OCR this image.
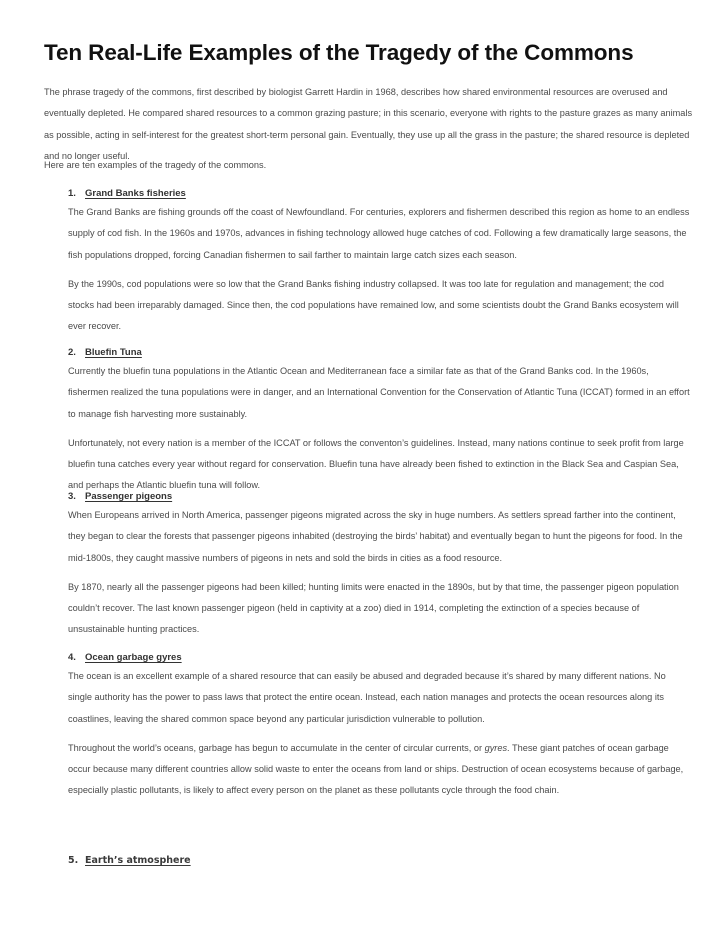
Ten Real-Life Examples of the Tragedy of the Commons

The phrase tragedy of the commons, first described by biologist Garrett Hardin in 1968, describes how shared environmental resources are overused and eventually depleted. He compared shared resources to a common grazing pasture; in this scenario, everyone with rights to the pasture grazes as many animals as possible, acting in self-interest for the greatest short-term personal gain. Eventually, they use up all the grass in the pasture; the shared resource is depleted and no longer useful.

Here are ten examples of the tragedy of the commons.

1. Grand Banks fisheries

The Grand Banks are fishing grounds off the coast of Newfoundland. For centuries, explorers and fishermen described this region as home to an endless supply of cod fish. In the 1960s and 1970s, advances in fishing technology allowed huge catches of cod. Following a few dramatically large seasons, the fish populations dropped, forcing Canadian fishermen to sail farther to maintain large catch sizes each season.

By the 1990s, cod populations were so low that the Grand Banks fishing industry collapsed. It was too late for regulation and management; the cod stocks had been irreparably damaged. Since then, the cod populations have remained low, and some scientists doubt the Grand Banks ecosystem will ever recover.

2. Bluefin Tuna

Currently the bluefin tuna populations in the Atlantic Ocean and Mediterranean face a similar fate as that of the Grand Banks cod. In the 1960s, fishermen realized the tuna populations were in danger, and an International Convention for the Conservation of Atlantic Tuna (ICCAT) formed in an effort to manage fish harvesting more sustainably.

Unfortunately, not every nation is a member of the ICCAT or follows the conventon’s guidelines. Instead, many nations continue to seek profit from large bluefin tuna catches every year without regard for conservation. Bluefin tuna have already been fished to extinction in the Black Sea and Caspian Sea, and perhaps the Atlantic bluefin tuna will follow.

3. Passenger pigeons

When Europeans arrived in North America, passenger pigeons migrated across the sky in huge numbers. As settlers spread farther into the continent, they began to clear the forests that passenger pigeons inhabited (destroying the birds’ habitat) and eventually began to hunt the pigeons for food. In the mid-1800s, they caught massive numbers of pigeons in nets and sold the birds in cities as a food resource.

By 1870, nearly all the passenger pigeons had been killed; hunting limits were enacted in the 1890s, but by that time, the passenger pigeon population couldn’t recover. The last known passenger pigeon (held in captivity at a zoo) died in 1914, completing the extinction of a species because of unsustainable hunting practices.

4. Ocean garbage gyres

The ocean is an excellent example of a shared resource that can easily be abused and degraded because it’s shared by many different nations. No single authority has the power to pass laws that protect the entire ocean. Instead, each nation manages and protects the ocean resources along its coastlines, leaving the shared common space beyond any particular jurisdiction vulnerable to pollution.

Throughout the world’s oceans, garbage has begun to accumulate in the center of circular currents, or gyres. These giant patches of ocean garbage occur because many different countries allow solid waste to enter the oceans from land or ships. Destruction of ocean ecosystems because of garbage, especially plastic pollutants, is likely to affect every person on the planet as these pollutants cycle through the food chain.

5. Earth’s atmosphere
